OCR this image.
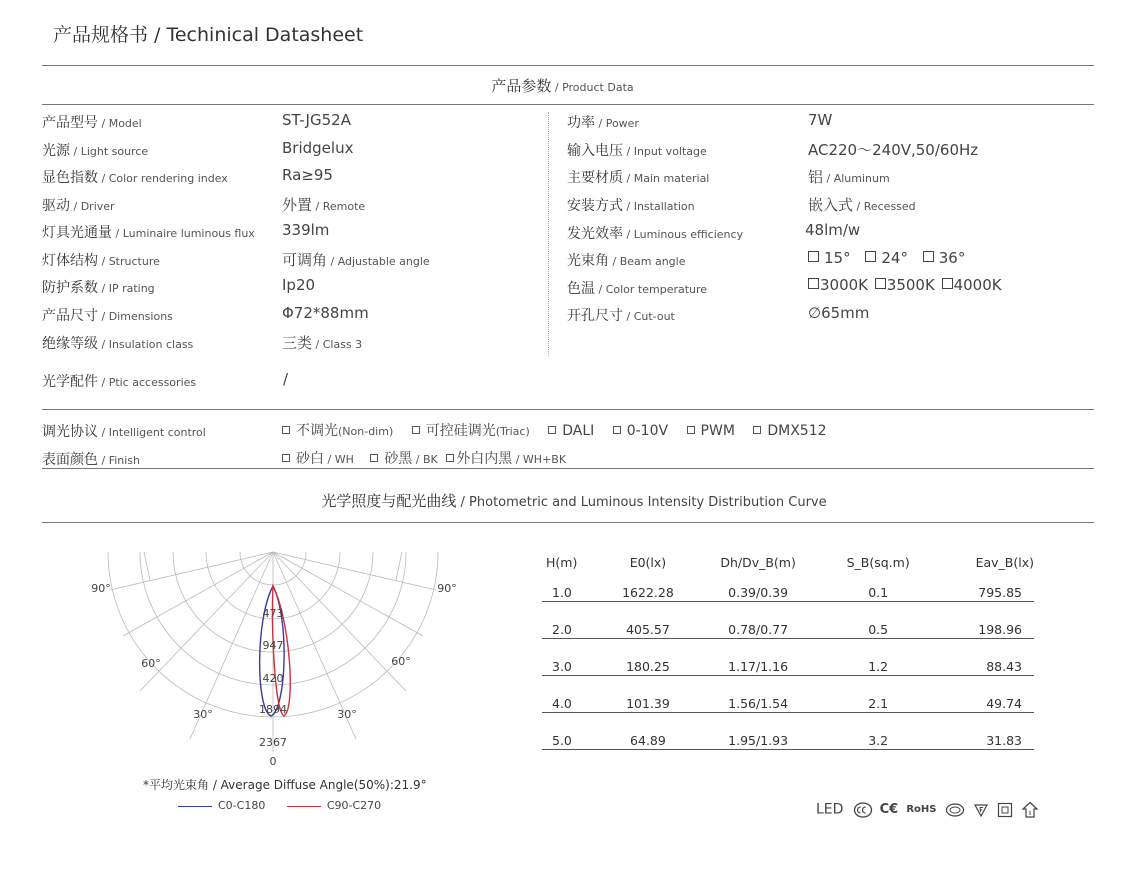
产品规格书 / Techinical Datasheet
产品参数 / Product Data
产品型号 / Model	ST-JG52A
光源 / Light source	Bridgelux
显色指数 / Color rendering index	Ra≥95
驱动 / Driver	外置 / Remote
灯具光通量 / Luminaire luminous flux 339lm
灯体结构 / Structure	可调角 / Adjustable angle
防护系数 / IP rating	Ip20
产品尺寸 / Dimensions	Φ72*88mm
绝缘等级 / Insulation class	三类 / Class 3
功率 / Power	7W
输入电压 / Input voltage	AC220～240V,50/60Hz
主要材质 / Main material	铝 / Aluminum
安装方式 / Installation	嵌入式 / Recessed
发光效率 / Luminous efficiency	48lm/w
光束角 / Beam angle	15° 24° 36°
色温 / Color temperature	3000K 3500K 4000K
开孔尺寸 / Cut-out	∅65mm
光学配件 / Ptic accessories	/
调光协议 / Intelligent control	不调光(Non-dim) 可控硅调光(Triac) DALI 0-10V PWM DMX512
表面颜色 / Finish	砂白 / WH 砂黑 / BK 外白内黑 / WH+BK
光学照度与配光曲线 / Photometric and Luminous Intensity Distribution Curve
90°	90°
60°	60°
30°	30°
0
473
947
420
1894
2367
*平均光束角 / Average Diffuse Angle(50%):21.9°
C0-C180	C90-C270
H(m)	E0(lx)	Dh/Dv_B(m)	S_B(sq.m)	Eav_B(lx)
1.0	1622.28	0.39/0.39	0.1	795.85
2.0	405.57	0.78/0.77	0.5	198.96
3.0	180.25	1.17/1.16	1.2	88.43
4.0	101.39	1.56/1.54	2.1	49.74
5.0	64.89	1.95/1.93	3.2	31.83
LED	C€ RoHS
